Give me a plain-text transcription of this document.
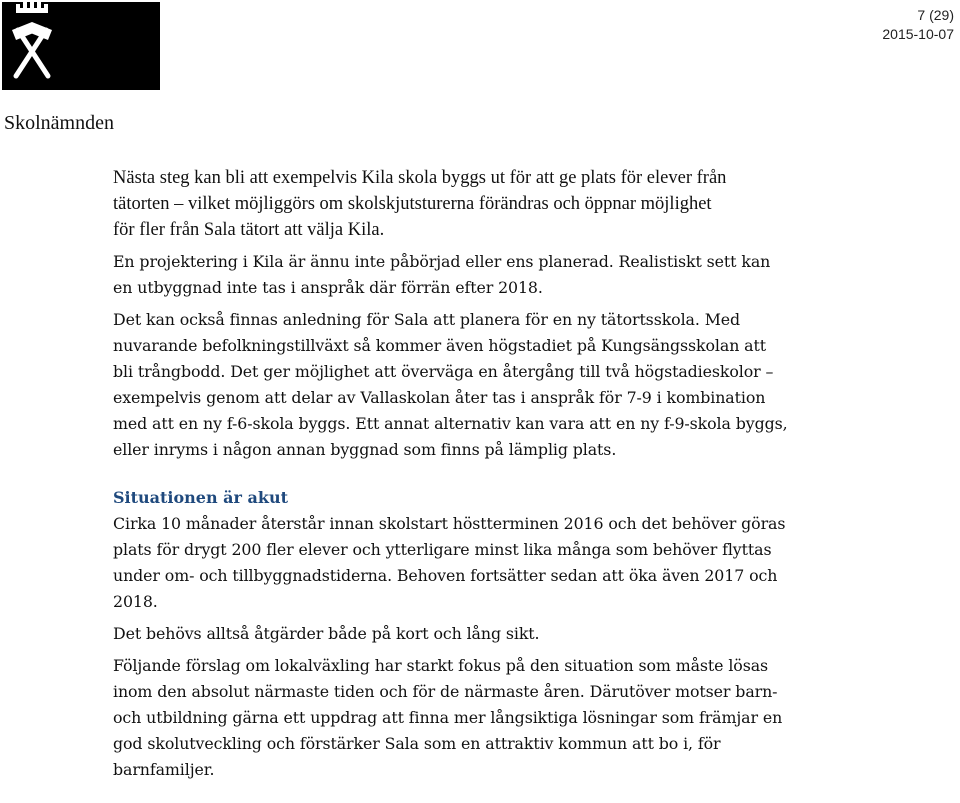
7 (29)
2015-10-07
Skolnämnden
Nästa steg kan bli att exempelvis Kila skola byggs ut för att ge plats för elever från
tätorten – vilket möjliggörs om skolskjutsturerna förändras och öppnar möjlighet
för fler från Sala tätort att välja Kila.
En projektering i Kila är ännu inte påbörjad eller ens planerad. Realistiskt sett kan
en utbyggnad inte tas i anspråk där förrän efter 2018.
Det kan också finnas anledning för Sala att planera för en ny tätortsskola. Med
nuvarande befolkningstillväxt så kommer även högstadiet på Kungsängsskolan att
bli trångbodd. Det ger möjlighet att överväga en återgång till två högstadieskolor –
exempelvis genom att delar av Vallaskolan åter tas i anspråk för 7-9 i kombination
med att en ny f-6-skola byggs. Ett annat alternativ kan vara att en ny f-9-skola byggs,
eller inryms i någon annan byggnad som finns på lämplig plats.
Situationen är akut
Cirka 10 månader återstår innan skolstart höstterminen 2016 och det behöver göras
plats för drygt 200 fler elever och ytterligare minst lika många som behöver flyttas
under om- och tillbyggnadstiderna. Behoven fortsätter sedan att öka även 2017 och
2018.
Det behövs alltså åtgärder både på kort och lång sikt.
Följande förslag om lokalväxling har starkt fokus på den situation som måste lösas
inom den absolut närmaste tiden och för de närmaste åren. Därutöver motser barn-
och utbildning gärna ett uppdrag att finna mer långsiktiga lösningar som främjar en
god skolutveckling och förstärker Sala som en attraktiv kommun att bo i, för
barnfamiljer.
